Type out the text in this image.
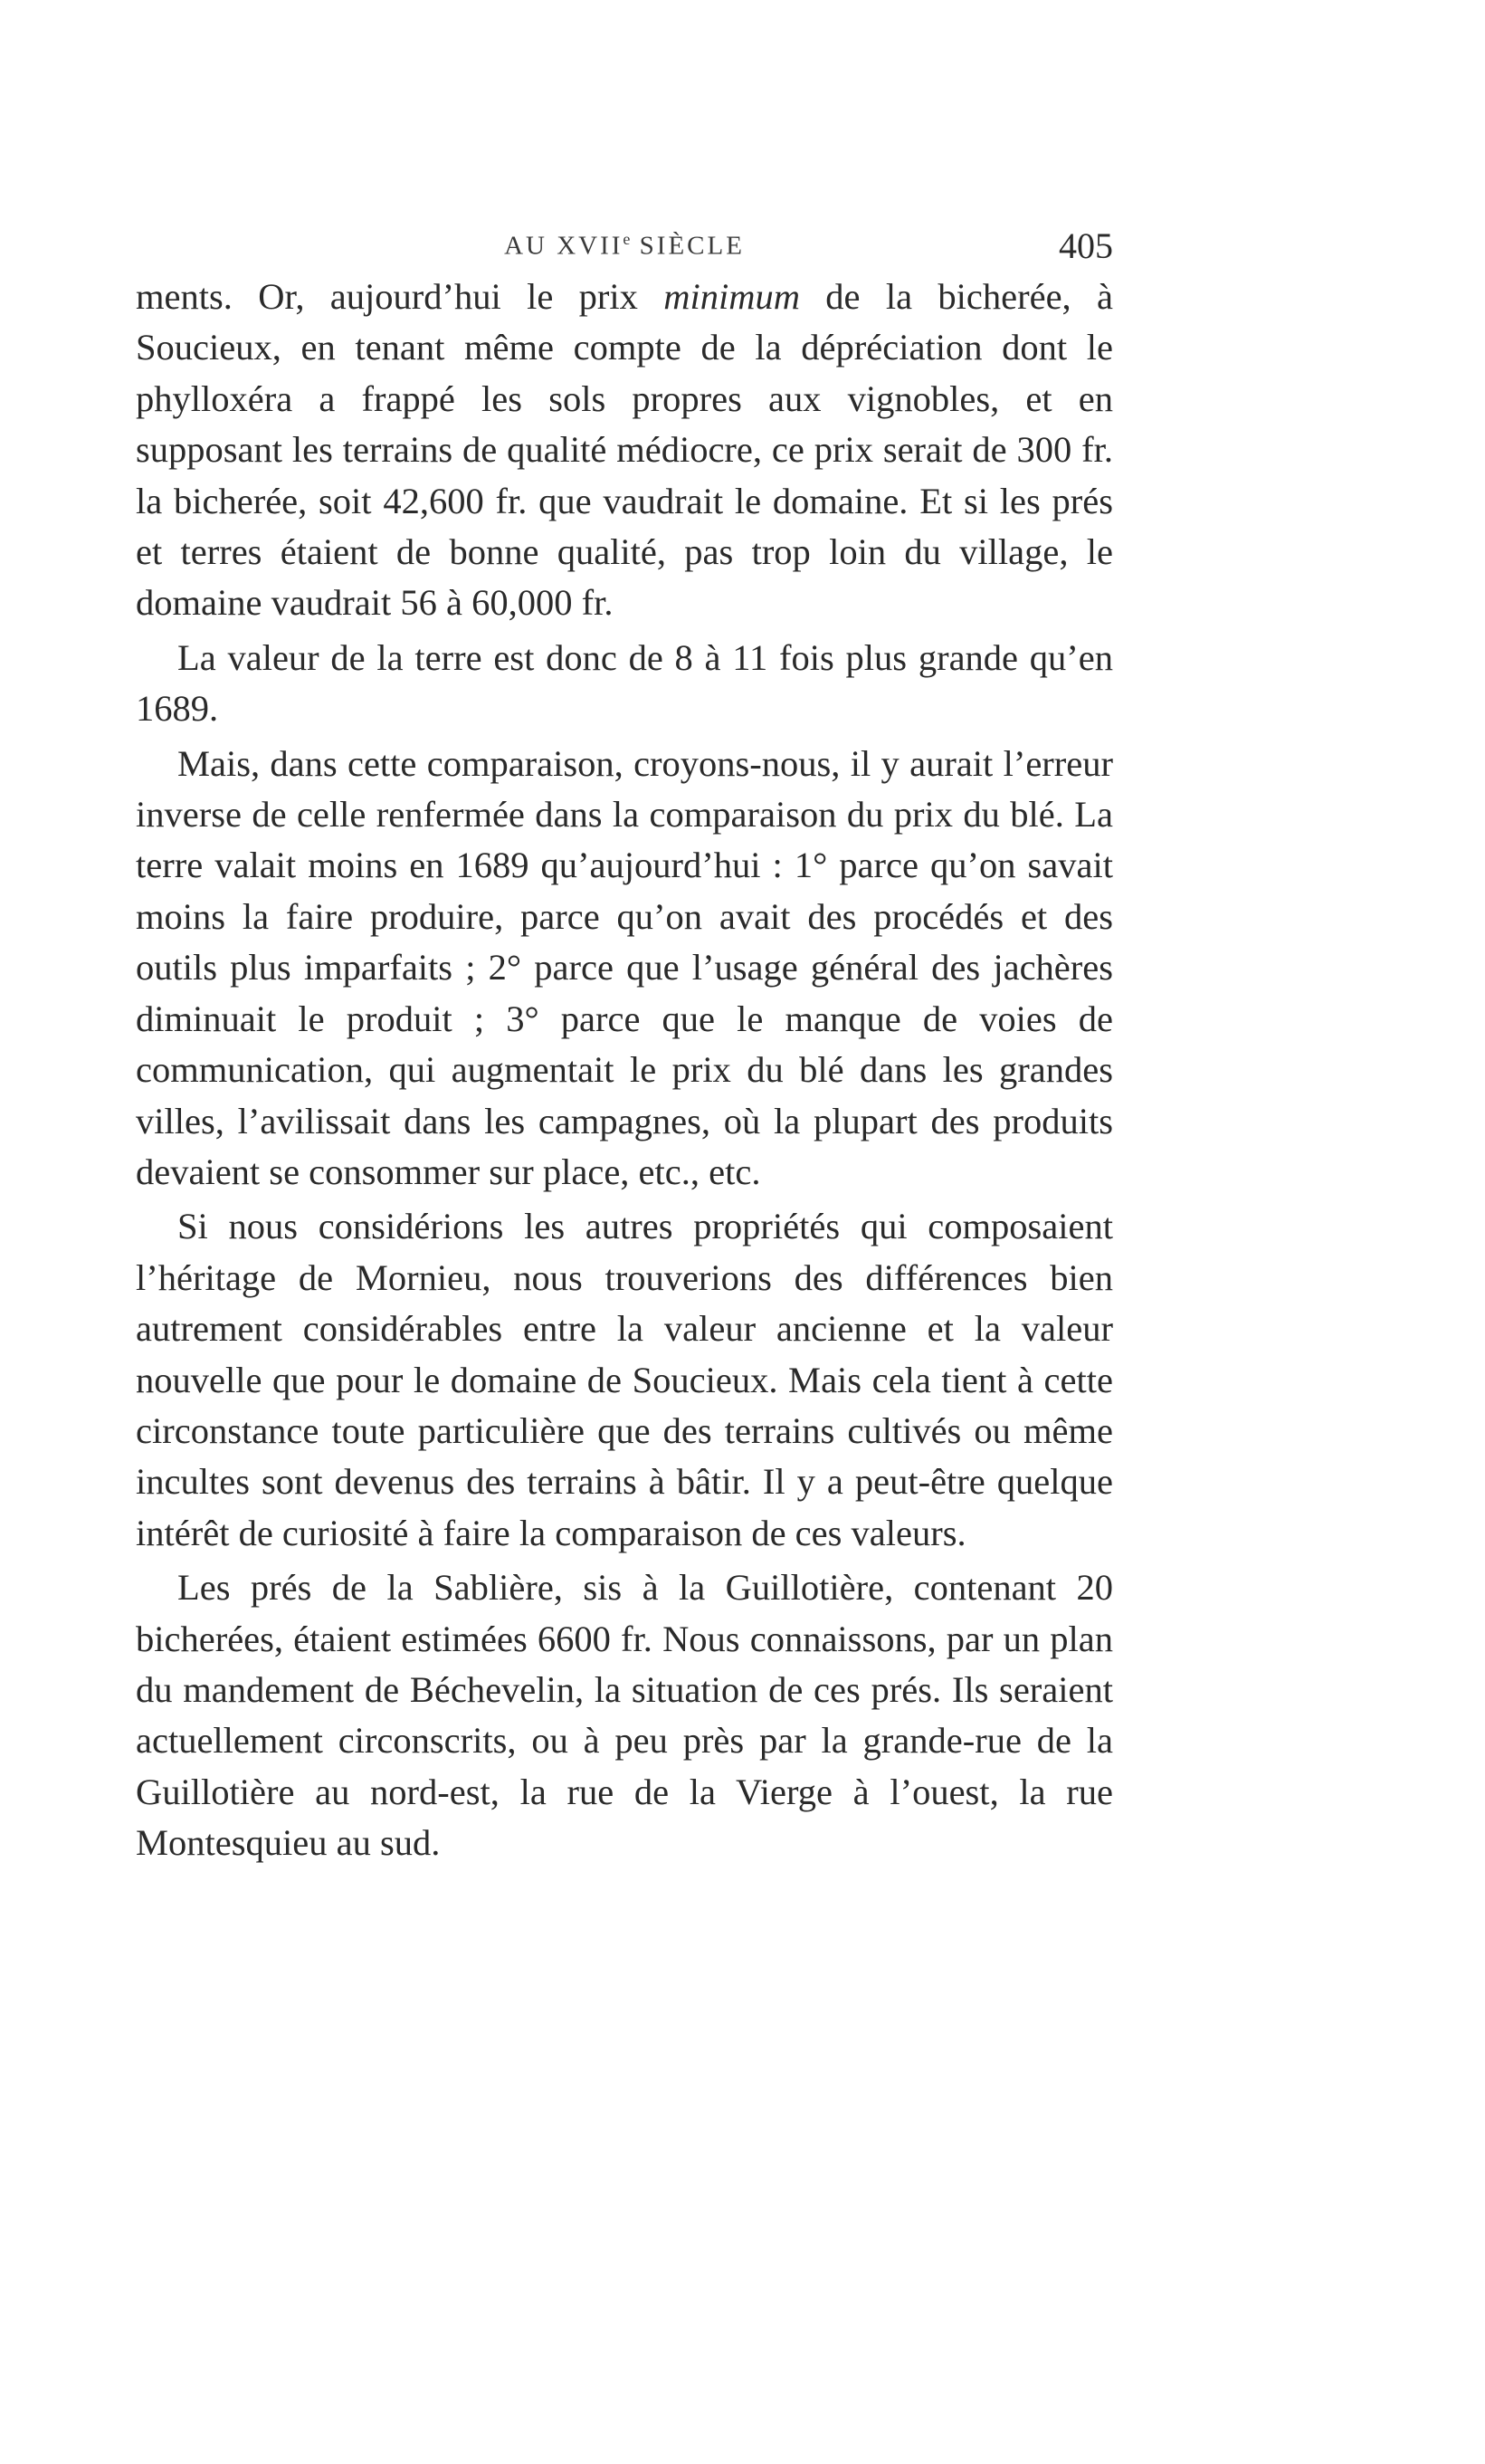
AU XVIIe SIÈCLE	405

ments. Or, aujourd’hui le prix minimum de la bicherée, à Soucieux, en tenant même compte de la dépréciation dont le phylloxéra a frappé les sols propres aux vignobles, et en supposant les terrains de qualité médiocre, ce prix serait de 300 fr. la bicherée, soit 42,600 fr. que vaudrait le domaine. Et si les prés et terres étaient de bonne qualité, pas trop loin du village, le domaine vaudrait 56 à 60,000 fr.

La valeur de la terre est donc de 8 à 11 fois plus grande qu’en 1689.

Mais, dans cette comparaison, croyons-nous, il y aurait l’erreur inverse de celle renfermée dans la comparaison du prix du blé. La terre valait moins en 1689 qu’aujourd’hui : 1° parce qu’on savait moins la faire produire, parce qu’on avait des procédés et des outils plus imparfaits ; 2° parce que l’usage général des jachères diminuait le produit ; 3° parce que le manque de voies de communication, qui augmentait le prix du blé dans les grandes villes, l’avilissait dans les campagnes, où la plupart des produits devaient se consommer sur place, etc., etc.

Si nous considérions les autres propriétés qui composaient l’héritage de Mornieu, nous trouverions des différences bien autrement considérables entre la valeur ancienne et la valeur nouvelle que pour le domaine de Soucieux. Mais cela tient à cette circonstance toute particulière que des terrains cultivés ou même incultes sont devenus des terrains à bâtir. Il y a peut-être quelque intérêt de curiosité à faire la comparaison de ces valeurs.

Les prés de la Sablière, sis à la Guillotière, contenant 20 bicherées, étaient estimées 6600 fr. Nous connaissons, par un plan du mandement de Béchevelin, la situation de ces prés. Ils seraient actuellement circonscrits, ou à peu près par la grande-rue de la Guillotière au nord-est, la rue de la Vierge à l’ouest, la rue Montesquieu au sud.
